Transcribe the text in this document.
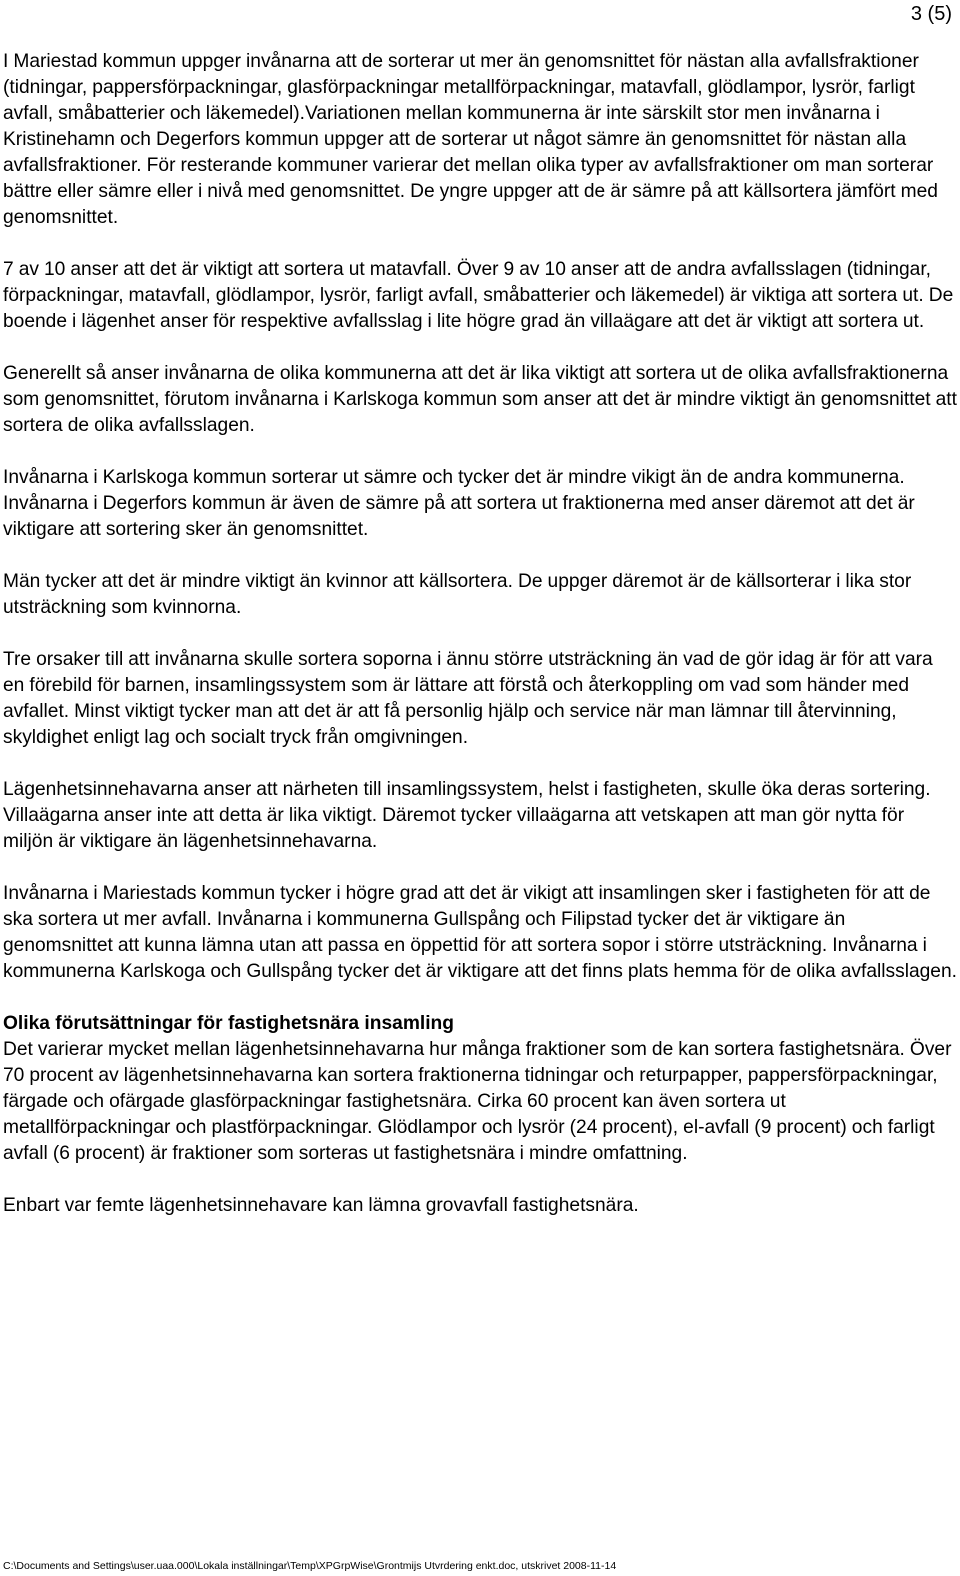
3 (5)

I Mariestad kommun uppger invånarna att de sorterar ut mer än genomsnittet för nästan alla avfallsfraktioner (tidningar, pappersförpackningar, glasförpackningar metallförpackningar, matavfall, glödlampor, lysrör, farligt avfall, småbatterier och läkemedel).Variationen mellan kommunerna är inte särskilt stor men invånarna i Kristinehamn och Degerfors kommun uppger att de sorterar ut något sämre än genomsnittet för nästan alla avfallsfraktioner. För resterande kommuner varierar det mellan olika typer av avfallsfraktioner om man sorterar bättre eller sämre eller i nivå med genomsnittet. De yngre uppger att de är sämre på att källsortera jämfört med genomsnittet.

7 av 10 anser att det är viktigt att sortera ut matavfall. Över 9 av 10 anser att de andra avfallsslagen (tidningar, förpackningar, matavfall, glödlampor, lysrör, farligt avfall, småbatterier och läkemedel) är viktiga att sortera ut. De boende i lägenhet anser för respektive avfallsslag i lite högre grad än villaägare att det är viktigt att sortera ut.

Generellt så anser invånarna de olika kommunerna att det är lika viktigt att sortera ut de olika avfallsfraktionerna som genomsnittet, förutom invånarna i Karlskoga kommun som anser att det är mindre viktigt än genomsnittet att sortera de olika avfallsslagen.

Invånarna i Karlskoga kommun sorterar ut sämre och tycker det är mindre vikigt än de andra kommunerna. Invånarna i Degerfors kommun är även de sämre på att sortera ut fraktionerna med anser däremot att det är viktigare att sortering sker än genomsnittet.

Män tycker att det är mindre viktigt än kvinnor att källsortera. De uppger däremot är de källsorterar i lika stor utsträckning som kvinnorna.

Tre orsaker till att invånarna skulle sortera soporna i ännu större utsträckning än vad de gör idag är för att vara en förebild för barnen, insamlingssystem som är lättare att förstå och återkoppling om vad som händer med avfallet. Minst viktigt tycker man att det är att få personlig hjälp och service när man lämnar till återvinning, skyldighet enligt lag och socialt tryck från omgivningen.

Lägenhetsinnehavarna anser att närheten till insamlingssystem, helst i fastigheten, skulle öka deras sortering. Villaägarna anser inte att detta är lika viktigt. Däremot tycker villaägarna att vetskapen att man gör nytta för miljön är viktigare än lägenhetsinnehavarna.

Invånarna i Mariestads kommun tycker i högre grad att det är vikigt att insamlingen sker i fastigheten för att de ska sortera ut mer avfall. Invånarna i kommunerna Gullspång och Filipstad tycker det är viktigare än genomsnittet att kunna lämna utan att passa en öppettid för att sortera sopor i större utsträckning. Invånarna i kommunerna Karlskoga och Gullspång tycker det är viktigare att det finns plats hemma för de olika avfallsslagen.

Olika förutsättningar för fastighetsnära insamling

Det varierar mycket mellan lägenhetsinnehavarna hur många fraktioner som de kan sortera fastighetsnära. Över 70 procent av lägenhetsinnehavarna kan sortera fraktionerna tidningar och returpapper, pappersförpackningar, färgade och ofärgade glasförpackningar fastighetsnära. Cirka 60 procent kan även sortera ut metallförpackningar och plastförpackningar. Glödlampor och lysrör (24 procent), el-avfall (9 procent) och farligt avfall (6 procent) är fraktioner som sorteras ut fastighetsnära i mindre omfattning.

Enbart var femte lägenhetsinnehavare kan lämna grovavfall fastighetsnära.

C:\Documents and Settings\user.uaa.000\Lokala inställningar\Temp\XPGrpWise\Grontmijs Utvrdering enkt.doc, utskrivet 2008-11-14
